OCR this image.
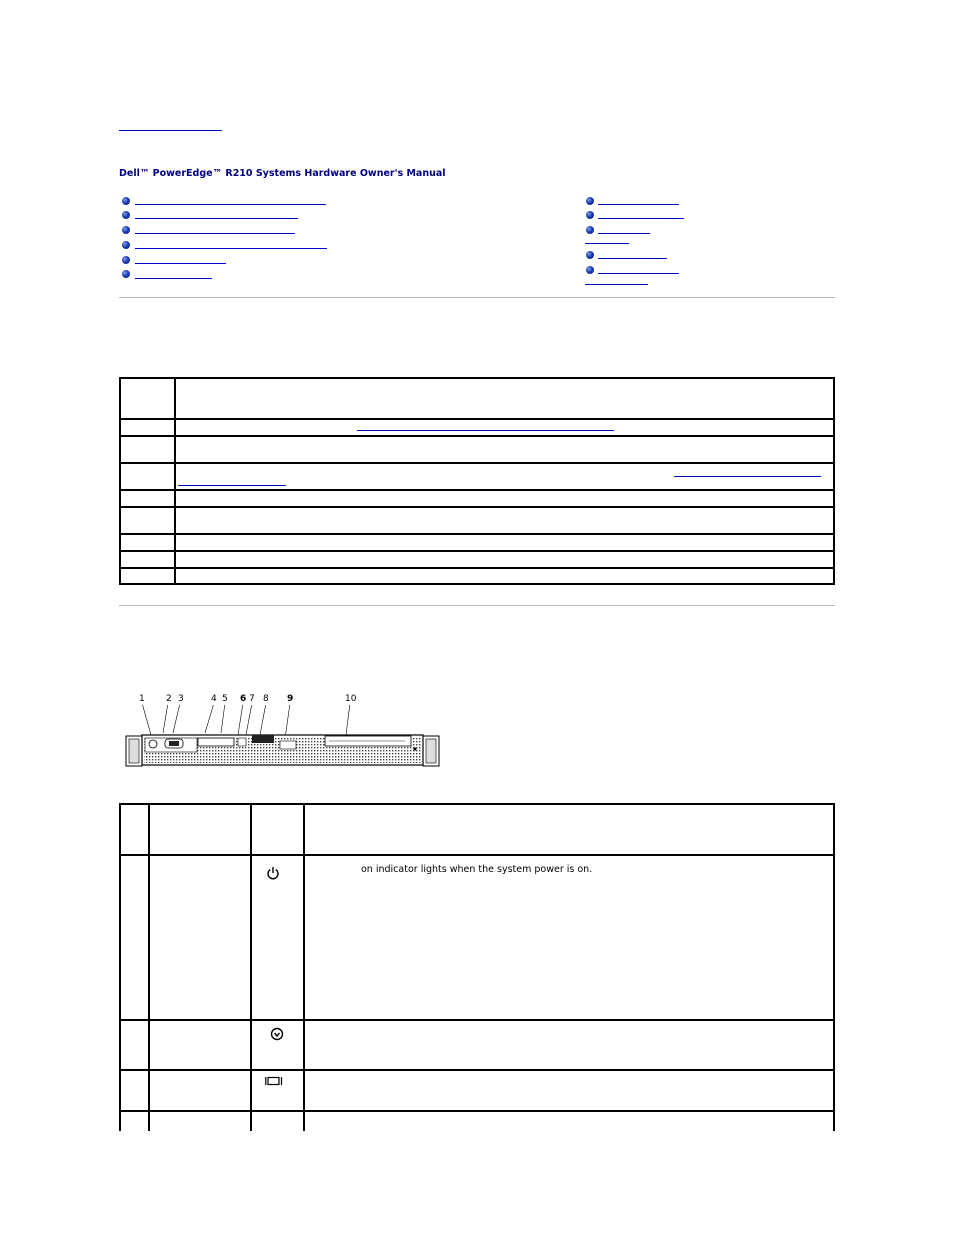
Dell™ PowerEdge™ R210 Systems Hardware Owner's Manual

1 2 3	4 5 6 7 8 9	10

on indicator lights when the system power is on.
